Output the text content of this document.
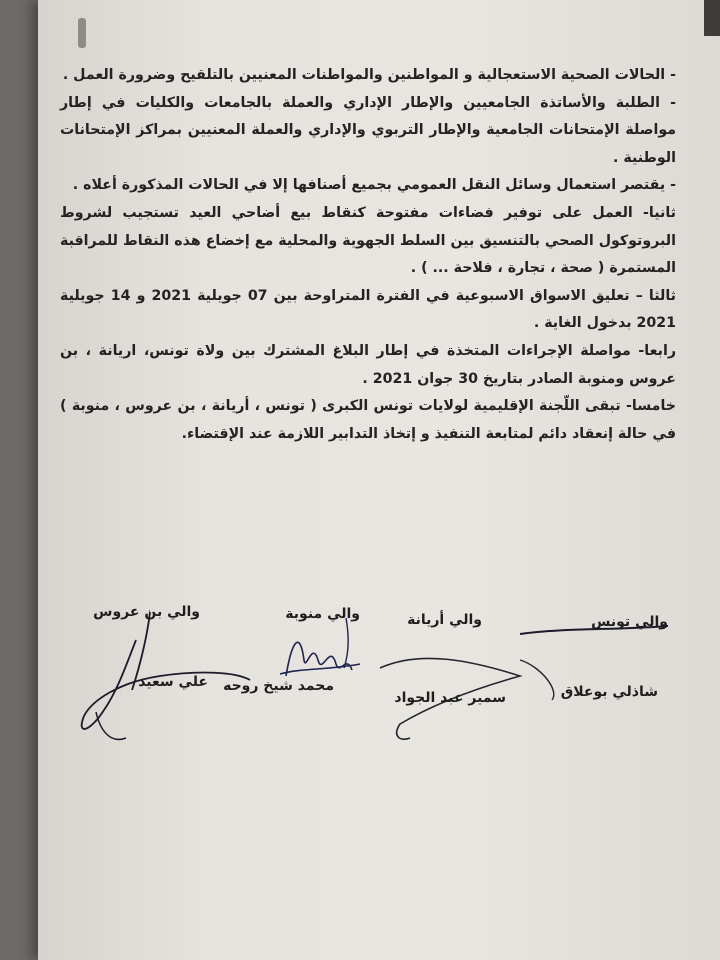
- الحالات الصحية الاستعجالية و المواطنين والمواطنات المعنيين بالتلقيح وضرورة العمل .

- الطلبة والأساتذة الجامعيين والإطار الإداري والعملة بالجامعات والكليات في إطار مواصلة الإمتحانات الجامعية والإطار التربوي والإداري والعملة المعنيين بمراكز الإمتحانات الوطنية .

- يقتصر استعمال وسائل النقل العمومي بجميع أصنافها إلا في الحالات المذكورة أعلاه .

ثانيا- العمل على توفير فضاءات مفتوحة كنقاط بيع أضاحي العيد تستجيب لشروط البروتوكول الصحي بالتنسيق بين السلط الجهوية والمحلية مع إخضاع هذه النقاط للمراقبة المستمرة ( صحة ، تجارة ، فلاحة ... ) .

ثالثا – تعليق الاسواق الاسبوعية في الفترة المتراوحة بين 07 جويلية 2021 و 14 جويلية 2021 بدخول الغاية .

رابعا- مواصلة الإجراءات المتخذة في إطار البلاغ المشترك بين ولاة تونس، اريانة ، بن عروس ومنوبة الصادر بتاريخ 30 جوان 2021 .

خامسا- تبقى اللّجنة الإقليمية لولايات تونس الكبرى ( تونس ، أريانة ، بن عروس ، منوبة ) في حالة إنعقاد دائم لمتابعة التنفيذ و إتخاذ التدابير اللازمة عند الإقتضاء.

والي تونس
والي أريانة
والي منوبة
والي بن عروس
شاذلي بوعلاق
سمير عبد الجواد
محمد شيخ روحه
علي سعيد
